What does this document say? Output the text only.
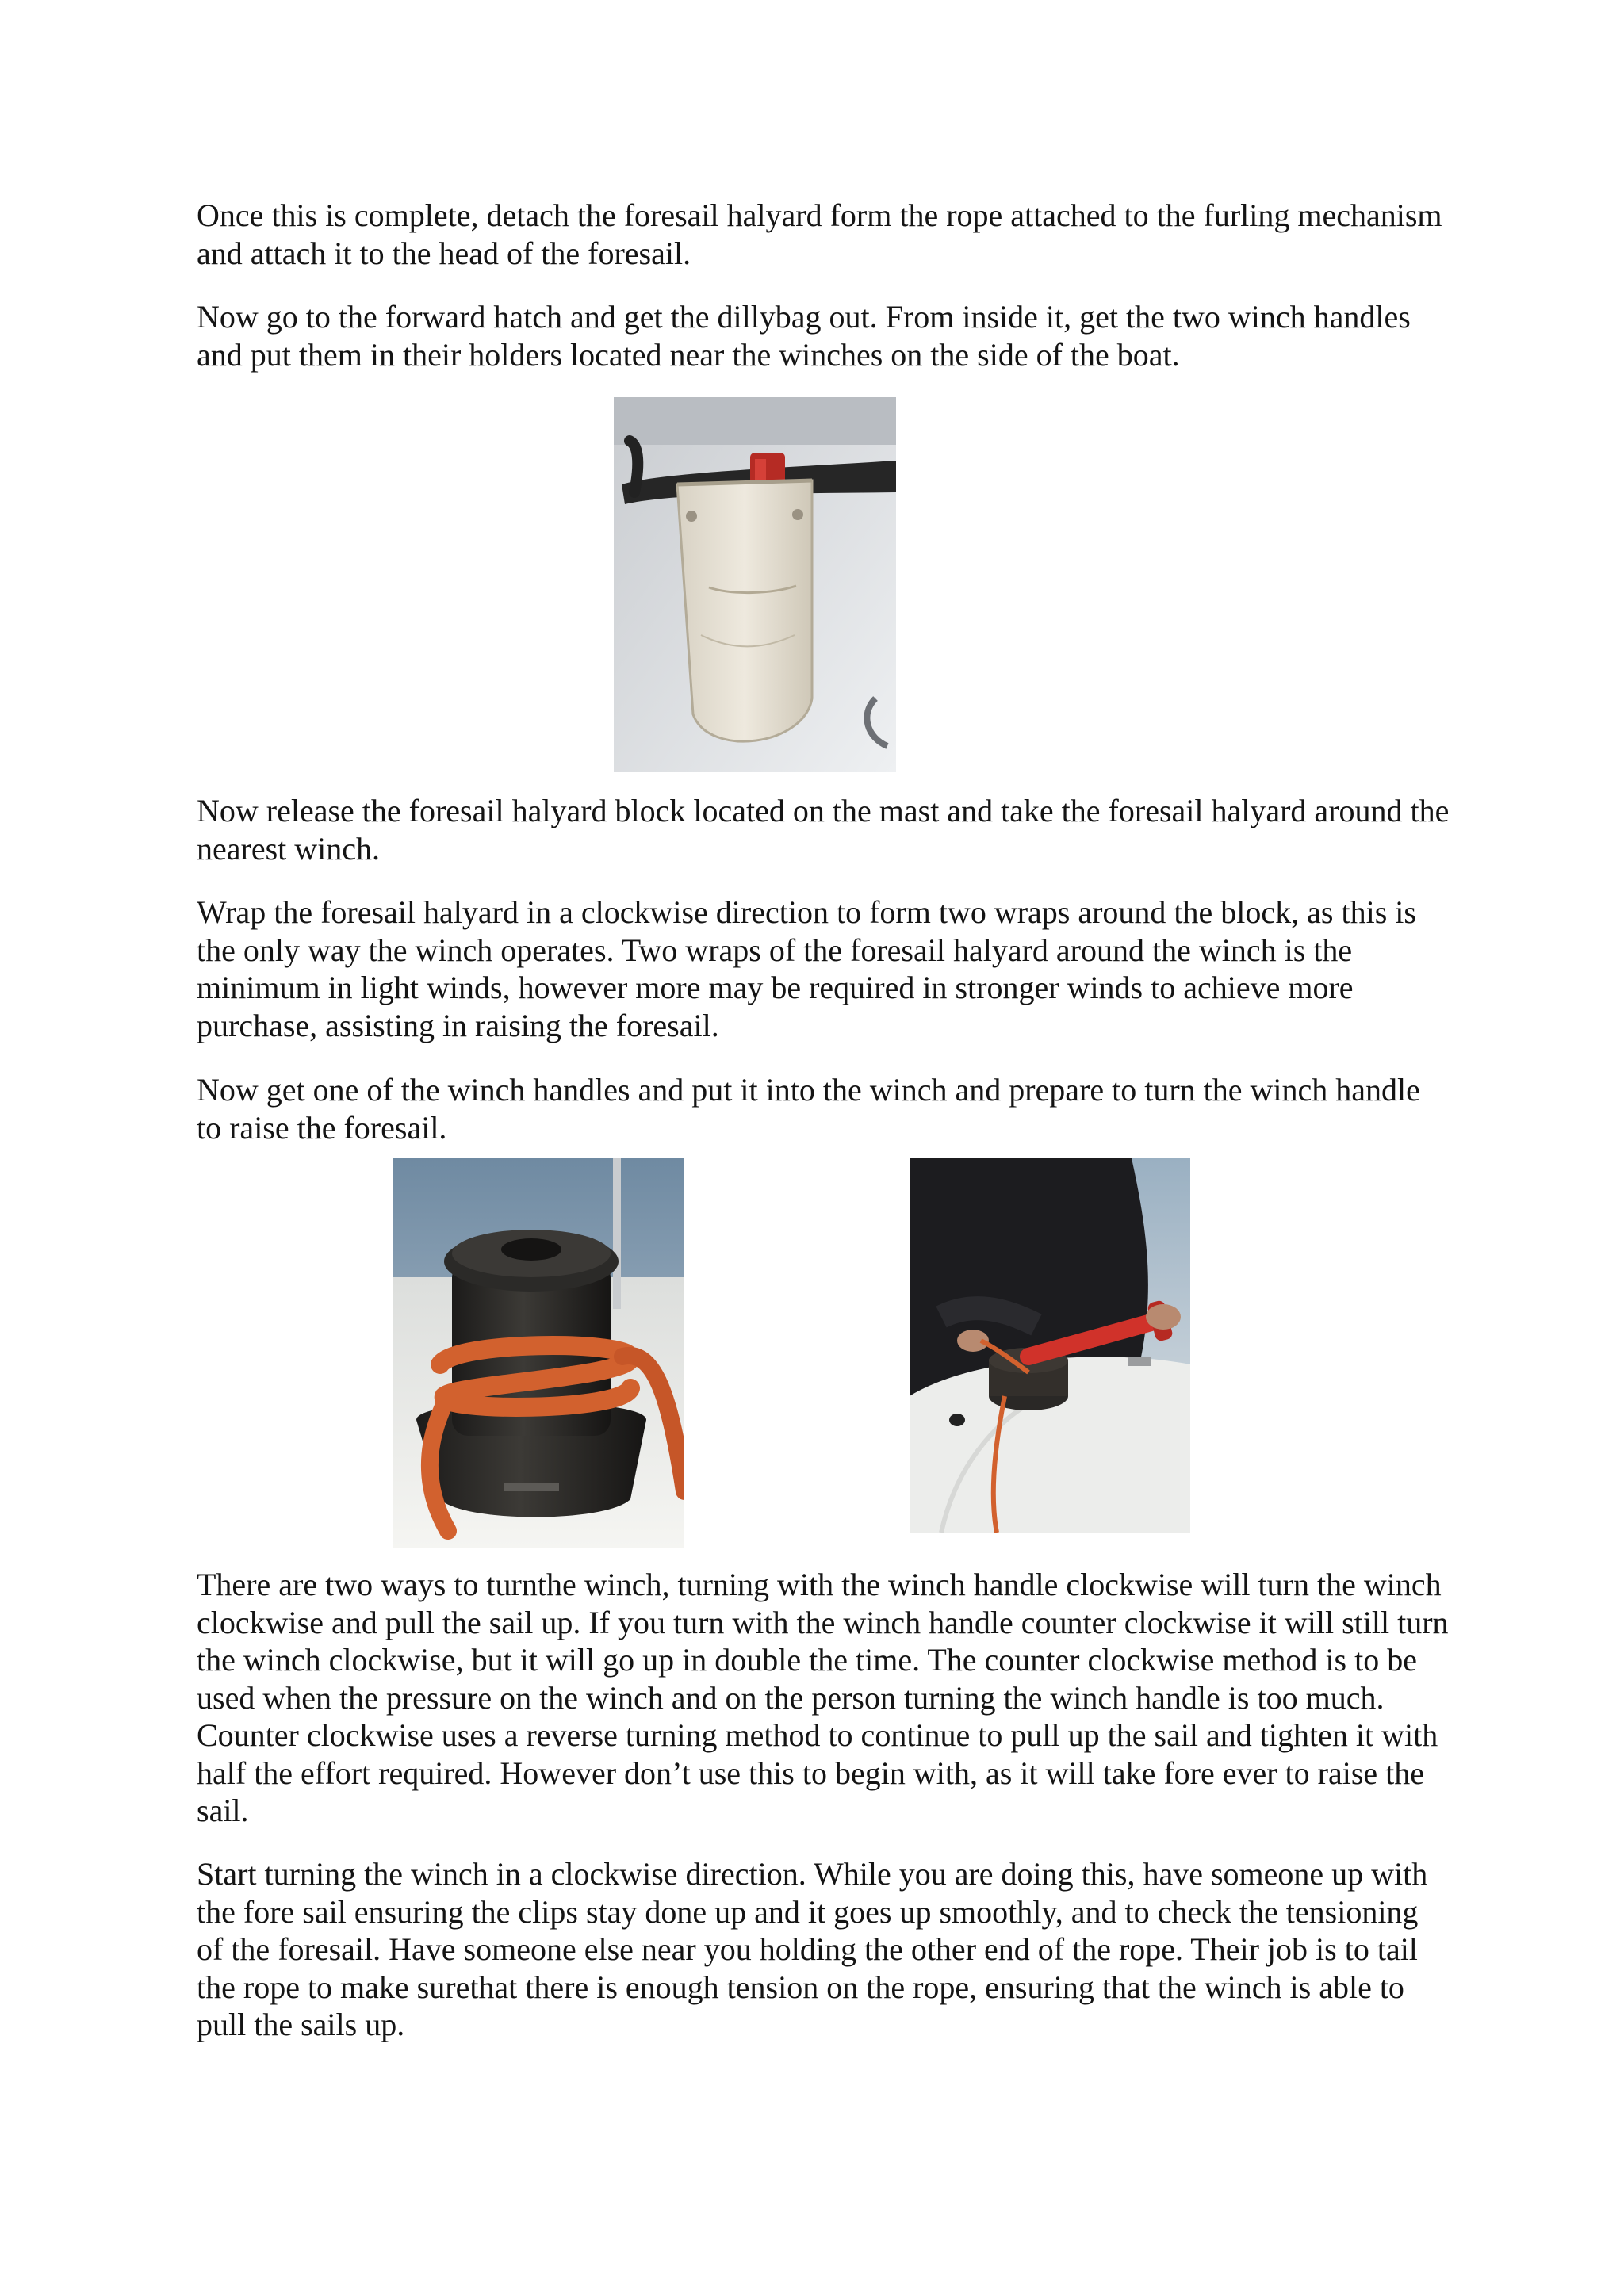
Once this is complete, detach the foresail halyard form the rope attached to the furling mechanism and attach it to the head of the foresail.

Now go to the forward hatch and get the dillybag out. From inside it, get the two winch handles and put them in their holders located near the winches on the side of the boat.

Now release the foresail halyard block located on the mast and take the foresail halyard around the nearest winch.

Wrap the foresail halyard in a clockwise direction to form two wraps around the block, as this is the only way the winch operates. Two wraps of the foresail halyard around the winch is the minimum in light winds, however more may be required in stronger winds to achieve more purchase, assisting in raising the foresail.

Now get one of the winch handles and put it into the winch and prepare to turn the winch handle to raise the foresail.

There are two ways to turnthe winch, turning with the winch handle clockwise will turn the winch clockwise and pull the sail up. If you turn with the winch handle counter clockwise it will still turn the winch clockwise, but it will go up in double the time. The counter clockwise method is to be used when the pressure on the winch and on the person turning the winch handle is too much. Counter clockwise uses a reverse turning method to continue to pull up the sail and tighten it with half the effort required. However don’t use this to begin with, as it will take fore ever to raise the sail.

Start turning the winch in a clockwise direction. While you are doing this, have someone up with the fore sail ensuring the clips stay done up and it goes up smoothly, and to check the tensioning of the foresail. Have someone else near you holding the other end of the rope. Their job is to tail the rope to make surethat there is enough tension on the rope, ensuring that the winch is able to pull the sails up.
